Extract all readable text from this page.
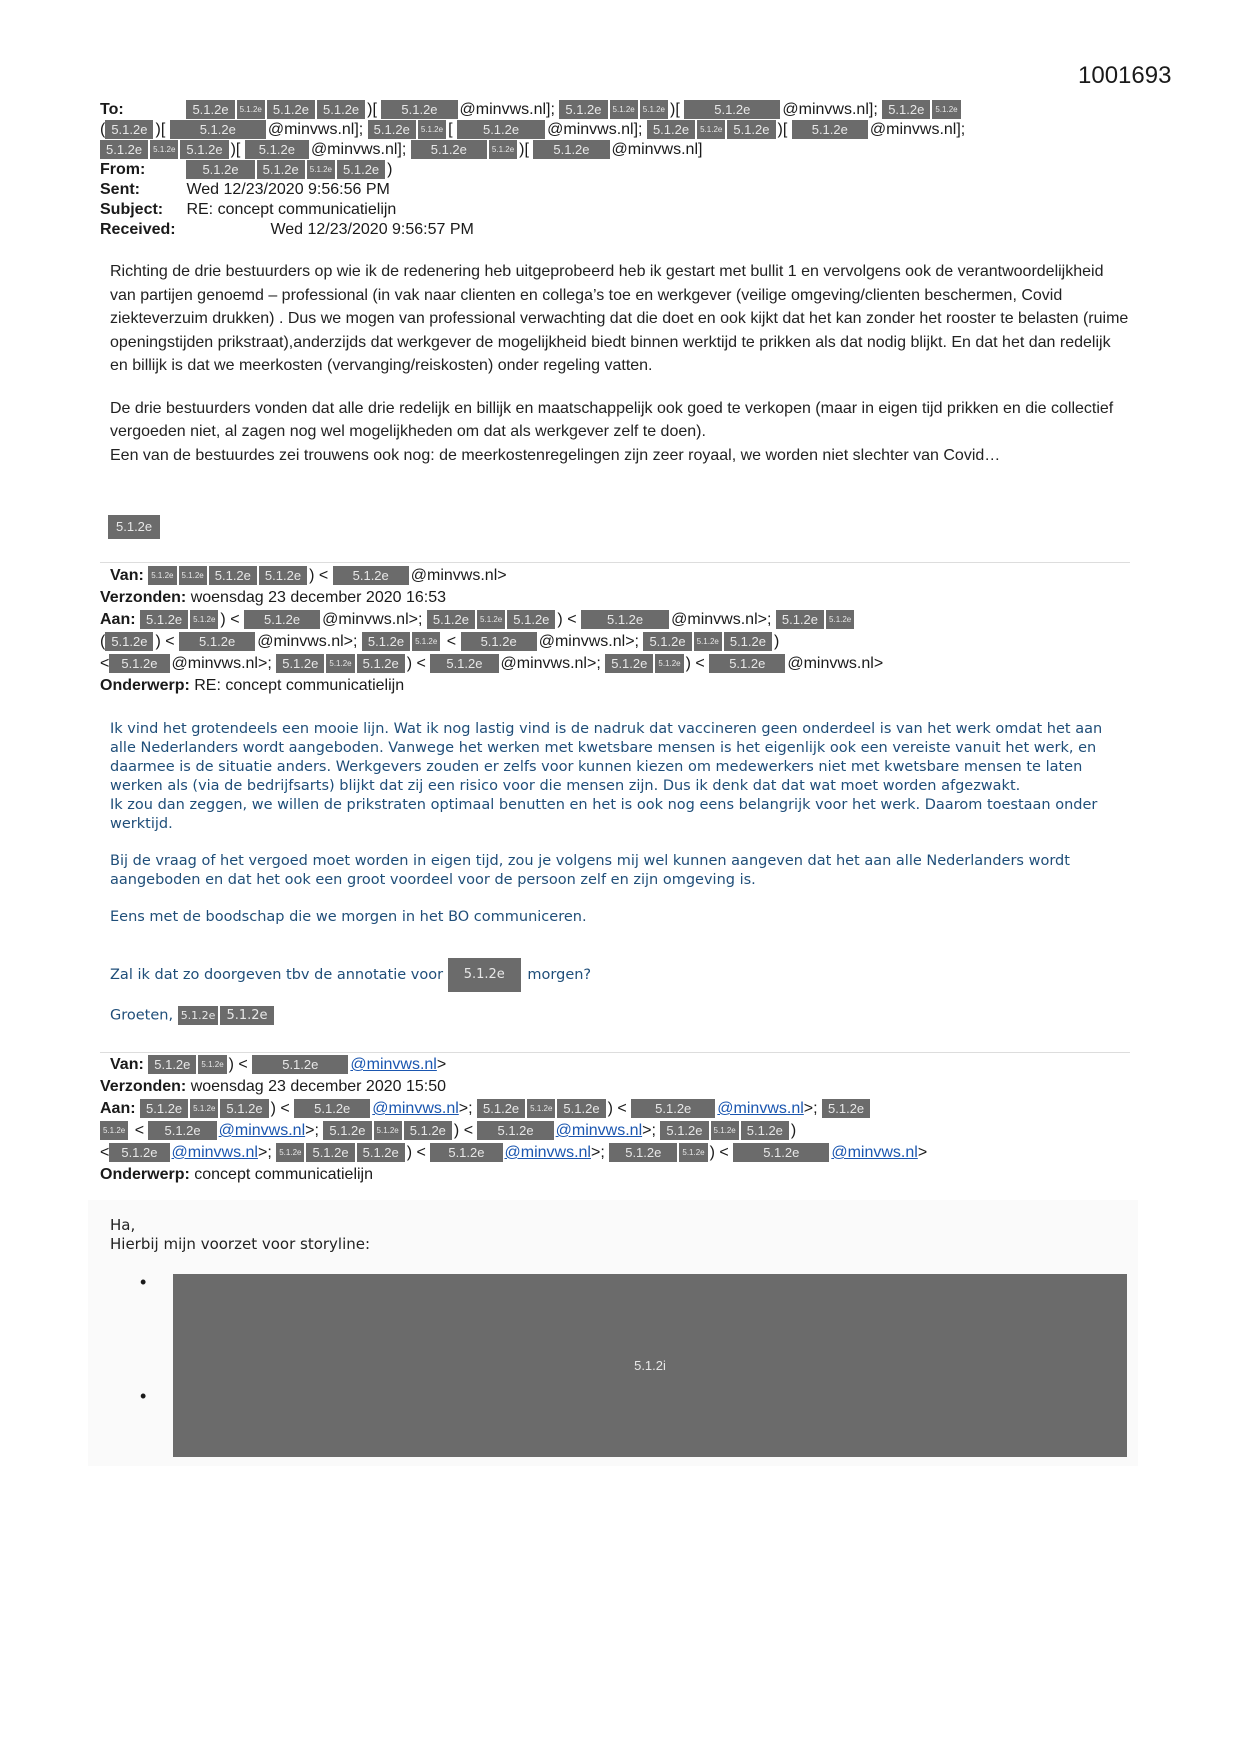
1001693
To:	5.1.2e 5.1.2e 5.1.2e 5.1.2e )[ 5.1.2e @minvws.nl]; 5.1.2e 5.1.2e 5.1.2e )[ 5.1.2e @minvws.nl]; 5.1.2e 5.1.2e
( 5.1.2e )[ 5.1.2e @minvws.nl]; 5.1.2e 5.1.2e [ 5.1.2e @minvws.nl]; 5.1.2e 5.1.2e 5.1.2e )[ 5.1.2e @minvws.nl];
5.1.2e 5.1.2e 5.1.2e )[ 5.1.2e @minvws.nl]; 5.1.2e	5.1.2e )[ 5.1.2e @minvws.nl]
From:	5.1.2e 5.1.2e 5.1.2e 5.1.2e )
Sent:	Wed 12/23/2020 9:56:56 PM
Subject: RE: concept communicatielijn
Received:	Wed 12/23/2020 9:56:57 PM

Richting de drie bestuurders op wie ik de redenering heb uitgeprobeerd heb ik gestart met bullit 1 en vervolgens ook de verantwoordelijkheid van partijen genoemd – professional (in vak naar clienten en collega’s toe en werkgever (veilige omgeving/clienten beschermen, Covid ziekteverzuim drukken) . Dus we mogen van professional verwachting dat die doet en ook kijkt dat het kan zonder het rooster te belasten (ruime openingstijden prikstraat),anderzijds dat werkgever de mogelijkheid biedt binnen werktijd te prikken als dat nodig blijkt. En dat het dan redelijk en billijk is dat we meerkosten (vervanging/reiskosten) onder regeling vatten.

De drie bestuurders vonden dat alle drie redelijk en billijk en maatschappelijk ook goed te verkopen (maar in eigen tijd prikken en die collectief vergoeden niet, al zagen nog wel mogelijkheden om dat als werkgever zelf te doen).

Een van de bestuurdes zei trouwens ook nog: de meerkostenregelingen zijn zeer royaal, we worden niet slechter van Covid…

5.1.2e
Van: 5.1.2e 5.1.2e 5.1.2e 5.1.2e ) < 5.1.2e @minvws.nl>
Verzonden: woensdag 23 december 2020 16:53
Aan: 5.1.2e 5.1.2e ) < 5.1.2e @minvws.nl>; 5.1.2e 5.1.2e 5.1.2e ) < 5.1.2e @minvws.nl>; 5.1.2e 5.1.2e
( 5.1.2e ) < 5.1.2e @minvws.nl>; 5.1.2e 5.1.2e < 5.1.2e @minvws.nl>; 5.1.2e 5.1.2e 5.1.2e )
< 5.1.2e @minvws.nl>; 5.1.2e 5.1.2e 5.1.2e ) < 5.1.2e @minvws.nl>; 5.1.2e 5.1.2e ) < 5.1.2e @minvws.nl>
Onderwerp: RE: concept communicatielijn

Ik vind het grotendeels een mooie lijn. Wat ik nog lastig vind is de nadruk dat vaccineren geen onderdeel is van het werk omdat het aan alle Nederlanders wordt aangeboden. Vanwege het werken met kwetsbare mensen is het eigenlijk ook een vereiste vanuit het werk, en daarmee is de situatie anders. Werkgevers zouden er zelfs voor kunnen kiezen om medewerkers niet met kwetsbare mensen te laten werken als (via de bedrijfsarts) blijkt dat zij een risico voor die mensen zijn. Dus ik denk dat dat wat moet worden afgezwakt.

Ik zou dan zeggen, we willen de prikstraten optimaal benutten en het is ook nog eens belangrijk voor het werk. Daarom toestaan onder werktijd.

Bij de vraag of het vergoed moet worden in eigen tijd, zou je volgens mij wel kunnen aangeven dat het aan alle Nederlanders wordt aangeboden en dat het ook een groot voordeel voor de persoon zelf en zijn omgeving is.

Eens met de boodschap die we morgen in het BO communiceren.

Zal ik dat zo doorgeven tbv de annotatie voor 5.1.2e morgen?
Groeten, 5.1.2e 5.1.2e
Van: 5.1.2e 5.1.2e ) < 5.1.2e @minvws.nl>
Verzonden: woensdag 23 december 2020 15:50
Aan: 5.1.2e 5.1.2e 5.1.2e ) < 5.1.2e @minvws.nl>; 5.1.2e 5.1.2e 5.1.2e ) < 5.1.2e @minvws.nl>; 5.1.2e
5.1.2e < 5.1.2e @minvws.nl>; 5.1.2e 5.1.2e 5.1.2e ) < 5.1.2e @minvws.nl>; 5.1.2e 5.1.2e 5.1.2e )
< 5.1.2e @minvws.nl>; 5.1.2e 5.1.2e 5.1.2e ) < 5.1.2e @minvws.nl>; 5.1.2e	5.1.2e ) < 5.1.2e @minvws.nl>
Onderwerp: concept communicatielijn
Ha,
Hierbij mijn voorzet voor storyline:
•
•
5.1.2i
